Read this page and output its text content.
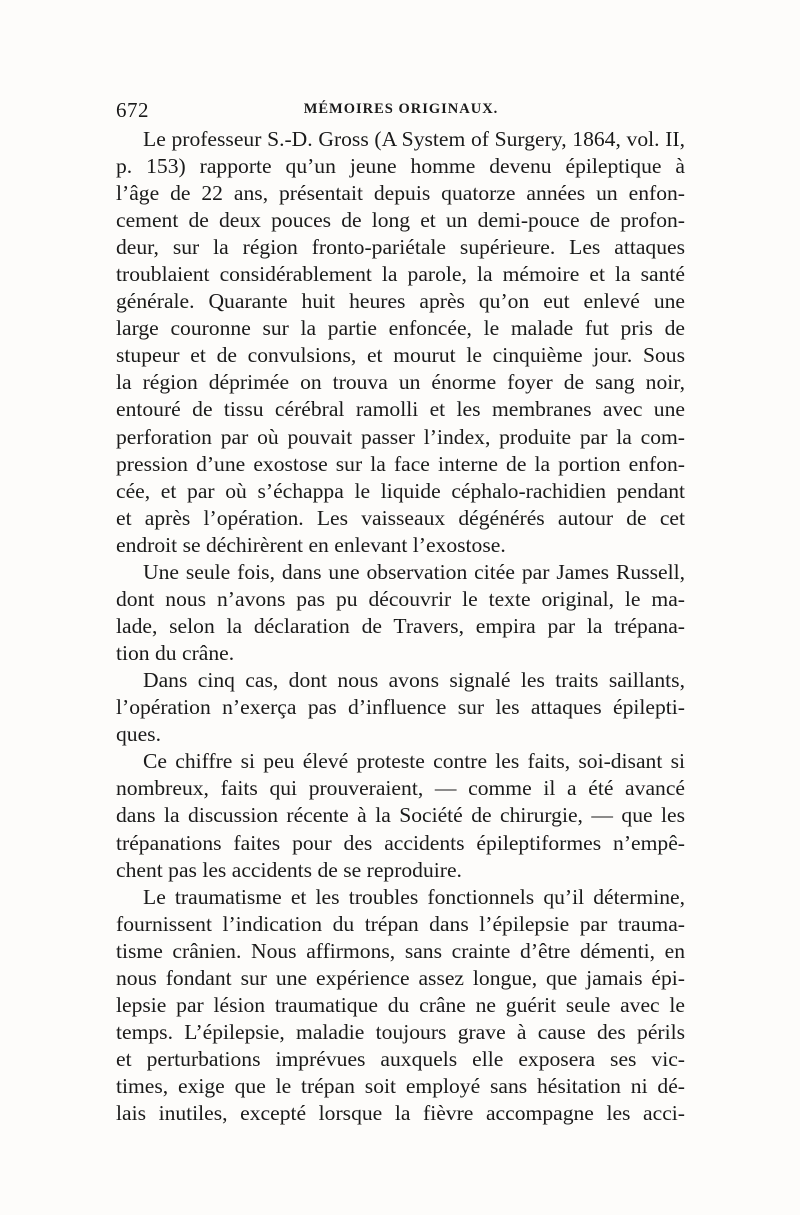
672	MÉMOIRES ORIGINAUX.
Le professeur S.-D. Gross (A System of Surgery, 1864, vol. II,
p. 153) rapporte qu’un jeune homme devenu épileptique à
l’âge de 22 ans, présentait depuis quatorze années un enfon-
cement de deux pouces de long et un demi-pouce de profon-
deur, sur la région fronto-pariétale supérieure. Les attaques
troublaient considérablement la parole, la mémoire et la santé
générale. Quarante huit heures après qu’on eut enlevé une
large couronne sur la partie enfoncée, le malade fut pris de
stupeur et de convulsions, et mourut le cinquième jour. Sous
la région déprimée on trouva un énorme foyer de sang noir,
entouré de tissu cérébral ramolli et les membranes avec une
perforation par où pouvait passer l’index, produite par la com-
pression d’une exostose sur la face interne de la portion enfon-
cée, et par où s’échappa le liquide céphalo-rachidien pendant
et après l’opération. Les vaisseaux dégénérés autour de cet
endroit se déchirèrent en enlevant l’exostose.
Une seule fois, dans une observation citée par James Russell,
dont nous n’avons pas pu découvrir le texte original, le ma-
lade, selon la déclaration de Travers, empira par la trépana-
tion du crâne.
Dans cinq cas, dont nous avons signalé les traits saillants,
l’opération n’exerça pas d’influence sur les attaques épilepti-
ques.
Ce chiffre si peu élevé proteste contre les faits, soi-disant si
nombreux, faits qui prouveraient, — comme il a été avancé
dans la discussion récente à la Société de chirurgie, — que les
trépanations faites pour des accidents épileptiformes n’empê-
chent pas les accidents de se reproduire.
Le traumatisme et les troubles fonctionnels qu’il détermine,
fournissent l’indication du trépan dans l’épilepsie par trauma-
tisme crânien. Nous affirmons, sans crainte d’être démenti, en
nous fondant sur une expérience assez longue, que jamais épi-
lepsie par lésion traumatique du crâne ne guérit seule avec le
temps. L’épilepsie, maladie toujours grave à cause des périls
et perturbations imprévues auxquels elle exposera ses vic-
times, exige que le trépan soit employé sans hésitation ni dé-
lais inutiles, excepté lorsque la fièvre accompagne les acci-
